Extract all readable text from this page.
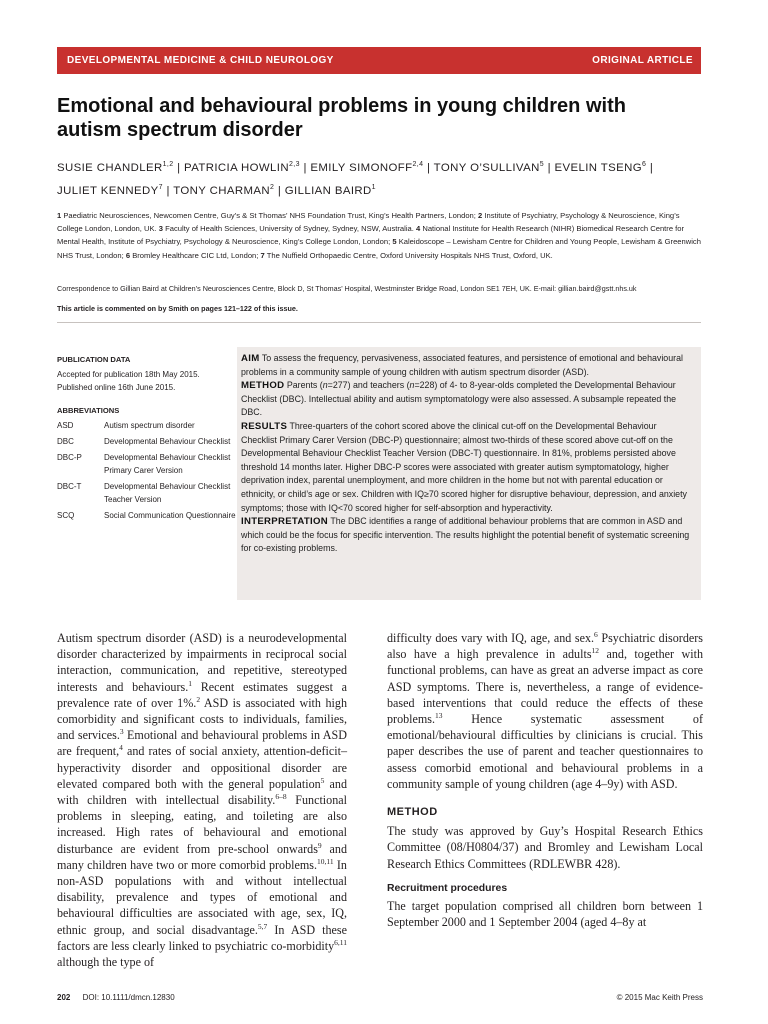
DEVELOPMENTAL MEDICINE & CHILD NEUROLOGY	ORIGINAL ARTICLE
Emotional and behavioural problems in young children with
autism spectrum disorder
SUSIE CHANDLER$^{1,2}$ | PATRICIA HOWLIN$^{2,3}$ | EMILY SIMONOFF$^{2,4}$ | TONY O’SULLIVAN$^5$ | EVELIN TSENG$^6$ |
JULIET KENNEDY$^7$ | TONY CHARMAN$^2$ | GILLIAN BAIRD$^1$
1 Paediatric Neurosciences, Newcomen Centre, Guy’s & St Thomas’ NHS Foundation Trust, King’s Health Partners, London; 2 Institute of Psychiatry, Psychology & Neuroscience, King’s College London, London, UK. 3 Faculty of Health Sciences, University of Sydney, Sydney, NSW, Australia. 4 National Institute for Health Research (NIHR) Biomedical Research Centre for Mental Health, Institute of Psychiatry, Psychology & Neuroscience, King’s College London, London; 5 Kaleidoscope – Lewisham Centre for Children and Young People, Lewisham & Greenwich NHS Trust, London; 6 Bromley Healthcare CIC Ltd, London; 7 The Nuffield Orthopaedic Centre, Oxford University Hospitals NHS Trust, Oxford, UK.
Correspondence to Gillian Baird at Children’s Neurosciences Centre, Block D, St Thomas’ Hospital, Westminster Bridge Road, London SE1 7EH, UK. E-mail: gillian.baird@gstt.nhs.uk
This article is commented on by Smith on pages 121–122 of this issue.
PUBLICATION DATA

Accepted for publication 18th May 2015.

Published online 16th June 2015.

ABBREVIATIONS
ASD	Autism spectrum disorder
DBC	Developmental Behaviour Checklist
DBC-P	Developmental Behaviour Checklist Primary Carer Version
DBC-T	Developmental Behaviour Checklist Teacher Version
SCQ	Social Communication Questionnaire

AIM To assess the frequency, pervasiveness, associated features, and persistence of emotional and behavioural problems in a community sample of young children with autism spectrum disorder (ASD).

METHOD Parents (n=277) and teachers (n=228) of 4- to 8-year-olds completed the Developmental Behaviour Checklist (DBC). Intellectual ability and autism symptomatology were also assessed. A subsample repeated the DBC.

RESULTS Three-quarters of the cohort scored above the clinical cut-off on the Developmental Behaviour Checklist Primary Carer Version (DBC-P) questionnaire; almost two-thirds of these scored above cut-off on the Developmental Behaviour Checklist Teacher Version (DBC-T) questionnaire. In 81%, problems persisted above threshold 14 months later. Higher DBC-P scores were associated with greater autism symptomatology, higher deprivation index, parental unemployment, and more children in the home but not with parental education or ethnicity, or child’s age or sex. Children with IQ≥70 scored higher for disruptive behaviour, depression, and anxiety symptoms; those with IQ<70 scored higher for self-absorption and hyperactivity.

INTERPRETATION The DBC identifies a range of additional behaviour problems that are common in ASD and which could be the focus for specific intervention. The results highlight the potential benefit of systematic screening for co-existing problems.

Autism spectrum disorder (ASD) is a neurodevelopmental disorder characterized by impairments in reciprocal social interaction, communication, and repetitive, stereotyped interests and behaviours.$^1$ Recent estimates suggest a prevalence rate of over 1%.$^2$ ASD is associated with high comorbidity and significant costs to individuals, families, and services.$^3$ Emotional and behavioural problems in ASD are frequent,$^4$ and rates of social anxiety, attention-deficit–hyperactivity disorder and oppositional disorder are elevated compared both with the general population$^5$ and with children with intellectual disability.$^{6-8}$ Functional problems in sleeping, eating, and toileting are also increased. High rates of behavioural and emotional disturbance are evident from pre-school onwards$^9$ and many children have two or more comorbid problems.$^{10,11}$ In non-ASD populations with and without intellectual disability, prevalence and types of emotional and behavioural difficulties are associated with age, sex, IQ, ethnic group, and social disadvantage.$^{5,7}$ In ASD these factors are less clearly linked to psychiatric co-morbidity$^{6,11}$ although the type of
difficulty does vary with IQ, age, and sex.$^6$ Psychiatric disorders also have a high prevalence in adults$^{12}$ and, together with functional problems, can have as great an adverse impact as core ASD symptoms. There is, nevertheless, a range of evidence-based interventions that could reduce the effects of these problems.$^{13}$ Hence systematic assessment of emotional/behavioural difficulties by clinicians is crucial. This paper describes the use of parent and teacher questionnaires to assess comorbid emotional and behavioural problems in a community sample of young children (age 4–9y) with ASD.
METHOD
The study was approved by Guy’s Hospital Research Ethics Committee (08/H0804/37) and Bromley and Lewisham Local Research Ethics Committees (RDLEWBR 428).
Recruitment procedures
The target population comprised all children born between 1 September 2000 and 1 September 2004 (aged 4–8y at
202 DOI: 10.1111/dmcn.12830	© 2015 Mac Keith Press
